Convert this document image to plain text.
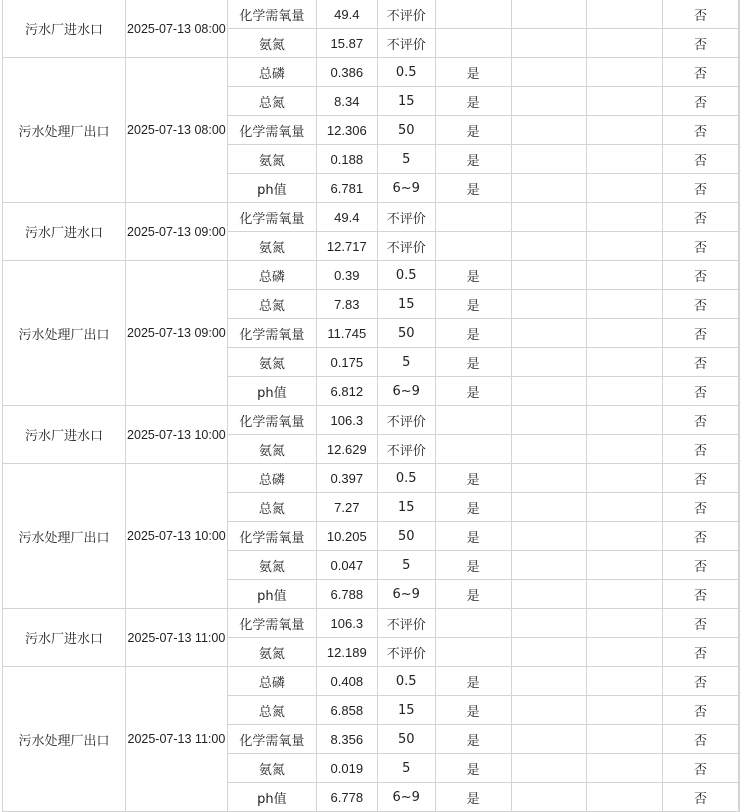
污水厂进水口	2025-07-13 08:00	化学需氧量	49.4	不评价				否	
		氨氮	15.87	不评价				否	
污水处理厂出口	2025-07-13 08:00	总磷	0.386	0.5	是			否	
		总氮	8.34	15	是			否	
		化学需氧量	12.306	50	是			否	
		氨氮	0.188	5	是			否	
		ph值	6.781	6~9	是			否	
污水厂进水口	2025-07-13 09:00	化学需氧量	49.4	不评价				否	
		氨氮	12.717	不评价				否	
污水处理厂出口	2025-07-13 09:00	总磷	0.39	0.5	是			否	
		总氮	7.83	15	是			否	
		化学需氧量	11.745	50	是			否	
		氨氮	0.175	5	是			否	
		ph值	6.812	6~9	是			否	
污水厂进水口	2025-07-13 10:00	化学需氧量	106.3	不评价				否	
		氨氮	12.629	不评价				否	
污水处理厂出口	2025-07-13 10:00	总磷	0.397	0.5	是			否	
		总氮	7.27	15	是			否	
		化学需氧量	10.205	50	是			否	
		氨氮	0.047	5	是			否	
		ph值	6.788	6~9	是			否	
污水厂进水口	2025-07-13 11:00	化学需氧量	106.3	不评价				否	
		氨氮	12.189	不评价				否	
污水处理厂出口	2025-07-13 11:00	总磷	0.408	0.5	是			否	
		总氮	6.858	15	是			否	
		化学需氧量	8.356	50	是			否	
		氨氮	0.019	5	是			否	
		ph值	6.778	6~9	是			否	
